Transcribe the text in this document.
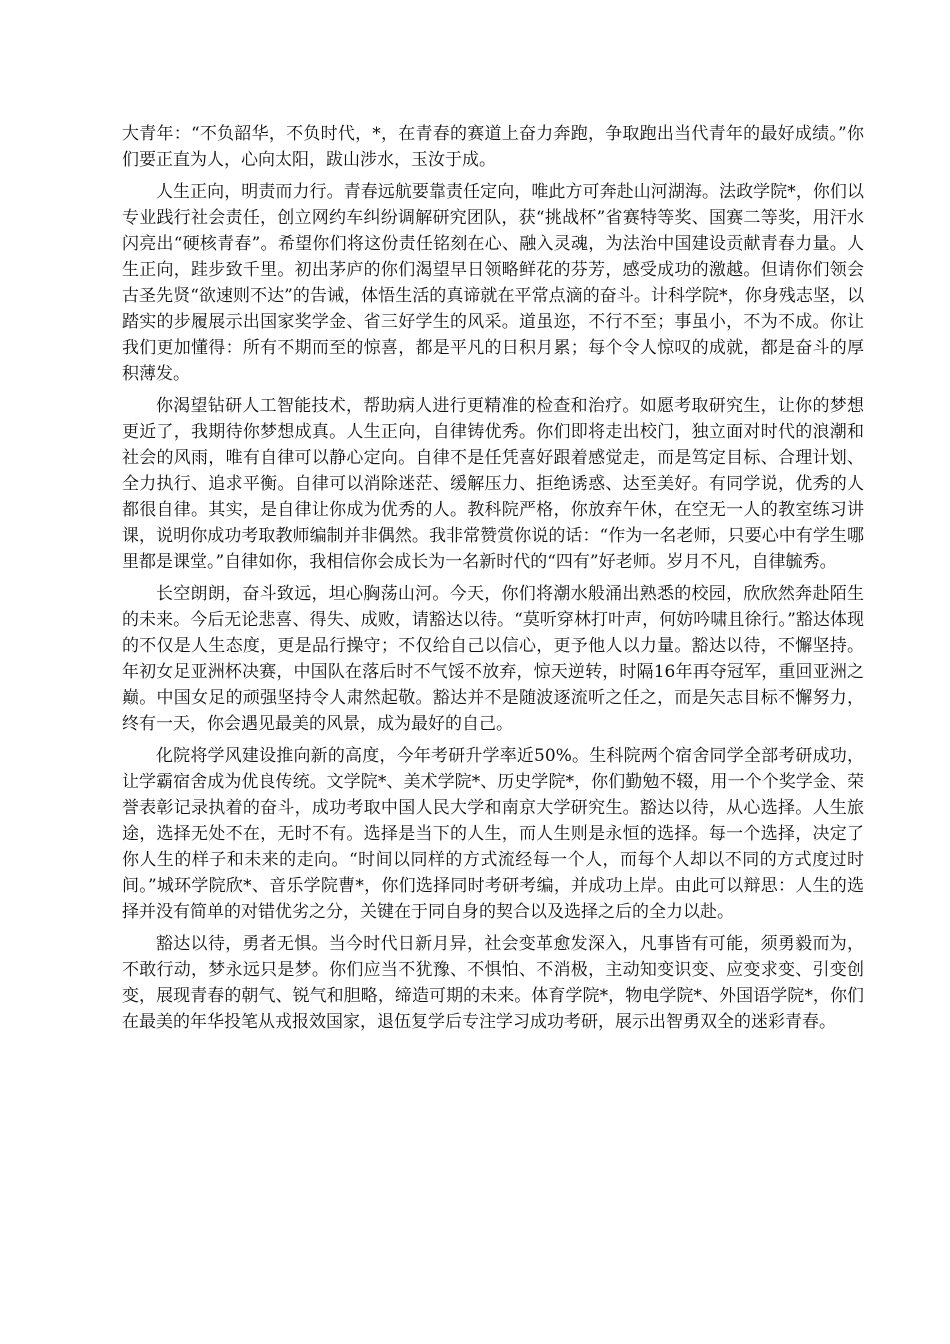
大青年：“不负韶华，不负时代，*，在青春的赛道上奋力奔跑，争取跑出当代青年的最好成绩。”你们要正直为人，心向太阳，跋山涉水，玉汝于成。

人生正向，明责而力行。青春远航要靠责任定向，唯此方可奔赴山河湖海。法政学院*，你们以专业践行社会责任，创立网约车纠纷调解研究团队，获“挑战杯”省赛特等奖、国赛二等奖，用汗水闪亮出“硬核青春”。希望你们将这份责任铭刻在心、融入灵魂，为法治中国建设贡献青春力量。人生正向，跬步致千里。初出茅庐的你们渴望早日领略鲜花的芬芳，感受成功的激越。但请你们领会古圣先贤“欲速则不达”的告诫，体悟生活的真谛就在平常点滴的奋斗。计科学院*，你身残志坚，以踏实的步履展示出国家奖学金、省三好学生的风采。道虽迩，不行不至；事虽小，不为不成。你让我们更加懂得：所有不期而至的惊喜，都是平凡的日积月累；每个令人惊叹的成就，都是奋斗的厚积薄发。

你渴望钻研人工智能技术，帮助病人进行更精准的检查和治疗。如愿考取研究生，让你的梦想更近了，我期待你梦想成真。人生正向，自律铸优秀。你们即将走出校门，独立面对时代的浪潮和社会的风雨，唯有自律可以静心定向。自律不是任凭喜好跟着感觉走，而是笃定目标、合理计划、全力执行、追求平衡。自律可以消除迷茫、缓解压力、拒绝诱惑、达至美好。有同学说，优秀的人都很自律。其实，是自律让你成为优秀的人。教科院严格，你放弃午休，在空无一人的教室练习讲课，说明你成功考取教师编制并非偶然。我非常赞赏你说的话：“作为一名老师，只要心中有学生哪里都是课堂。”自律如你，我相信你会成长为一名新时代的“四有”好老师。岁月不凡，自律毓秀。

长空朗朗，奋斗致远，坦心胸荡山河。今天，你们将潮水般涌出熟悉的校园，欣欣然奔赴陌生的未来。今后无论悲喜、得失、成败，请豁达以待。“莫听穿林打叶声，何妨吟啸且徐行。”豁达体现的不仅是人生态度，更是品行操守；不仅给自己以信心，更予他人以力量。豁达以待，不懈坚持。年初女足亚洲杯决赛，中国队在落后时不气馁不放弃，惊天逆转，时隔16年再夺冠军，重回亚洲之巅。中国女足的顽强坚持令人肃然起敬。豁达并不是随波逐流听之任之，而是矢志目标不懈努力，终有一天，你会遇见最美的风景，成为最好的自己。

化院将学风建设推向新的高度，今年考研升学率近50%。生科院两个宿舍同学全部考研成功，让学霸宿舍成为优良传统。文学院*、美术学院*、历史学院*，你们勤勉不辍，用一个个奖学金、荣誉表彰记录执着的奋斗，成功考取中国人民大学和南京大学研究生。豁达以待，从心选择。人生旅途，选择无处不在，无时不有。选择是当下的人生，而人生则是永恒的选择。每一个选择，决定了你人生的样子和未来的走向。“时间以同样的方式流经每一个人，而每个人却以不同的方式度过时间。”城环学院欣*、音乐学院曹*，你们选择同时考研考编，并成功上岸。由此可以辩思：人生的选择并没有简单的对错优劣之分，关键在于同自身的契合以及选择之后的全力以赴。

豁达以待，勇者无惧。当今时代日新月异，社会变革愈发深入，凡事皆有可能，须勇毅而为，不敢行动，梦永远只是梦。你们应当不犹豫、不惧怕、不消极，主动知变识变、应变求变、引变创变，展现青春的朝气、锐气和胆略，缔造可期的未来。体育学院*，物电学院*、外国语学院*，你们在最美的年华投笔从戎报效国家，退伍复学后专注学习成功考研，展示出智勇双全的迷彩青春。
